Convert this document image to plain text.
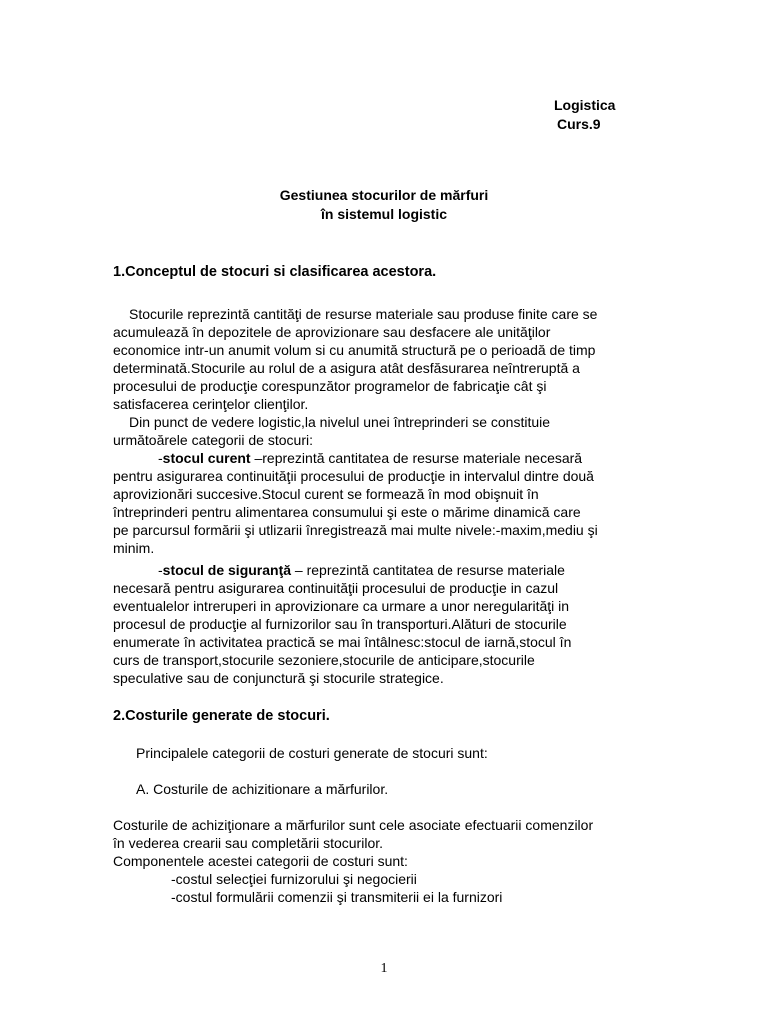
Logistica
Curs.9
Gestiunea stocurilor de mărfuri
în sistemul logistic
1.Conceptul de stocuri si clasificarea acestora.
Stocurile reprezintă cantităţi de resurse materiale sau produse finite care se
acumulează în depozitele de aprovizionare sau desfacere ale unităţilor
economice intr-un anumit volum si cu anumită structură pe o perioadă de timp
determinată.Stocurile au rolul de a asigura atât desfăsurarea neîntreruptă a
procesului de producţie corespunzător programelor de fabricaţie cât şi
satisfacerea cerinţelor clienţilor.
Din punct de vedere logistic,la nivelul unei întreprinderi se constituie
următoărele categorii de stocuri:
-stocul curent –reprezintă cantitatea de resurse materiale necesară
pentru asigurarea continuităţii procesului de producţie in intervalul dintre două
aprovizionări succesive.Stocul curent se formează în mod obişnuit în
întreprinderi pentru alimentarea consumului şi este o mărime dinamică care
pe parcursul formării şi utlizarii înregistrează mai multe nivele:-maxim,mediu şi
minim.
-stocul de siguranţă – reprezintă cantitatea de resurse materiale
necesară pentru asigurarea continuităţii procesului de producţie in cazul
eventualelor intreruperi in aprovizionare ca urmare a unor neregularităţi in
procesul de producţie al furnizorilor sau în transporturi.Alături de stocurile
enumerate în activitatea practică se mai întâlnesc:stocul de iarnă,stocul în
curs de transport,stocurile sezoniere,stocurile de anticipare,stocurile
speculative sau de conjunctură şi stocurile strategice.
2.Costurile generate de stocuri.
Principalele categorii de costuri generate de stocuri sunt:
A. Costurile de achizitionare a mărfurilor.
Costurile de achiziţionare a mărfurilor sunt cele asociate efectuarii comenzilor
în vederea crearii sau completării stocurilor.
Componentele acestei categorii de costuri sunt:
-costul selecţiei furnizorului şi negocierii
-costul formulării comenzii şi transmiterii ei la furnizori
1
